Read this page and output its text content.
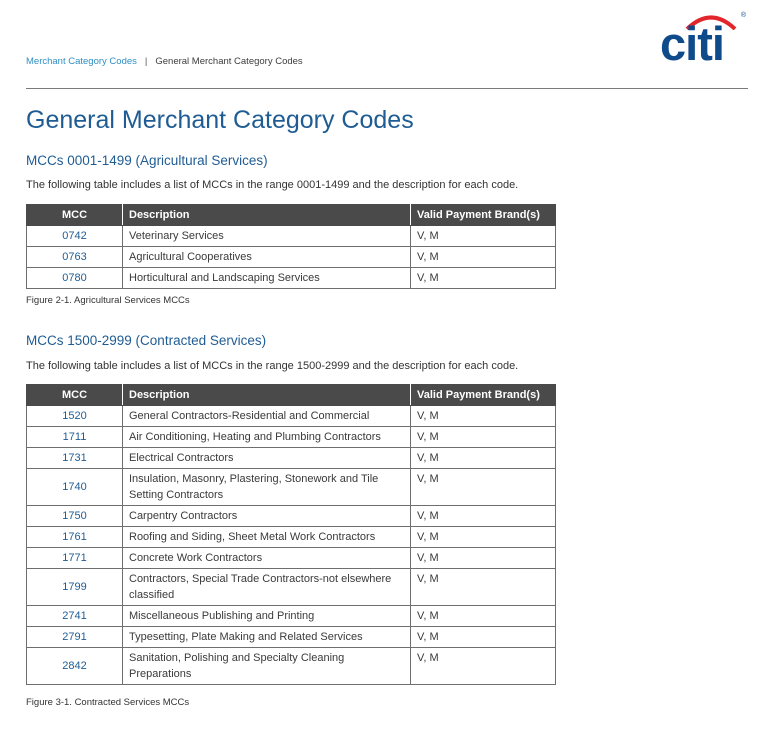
Merchant Category Codes | General Merchant Category Codes	citi
®
General Merchant Category Codes
MCCs 0001-1499 (Agricultural Services)
The following table includes a list of MCCs in the range 0001-1499 and the description for each code.
MCC	Description	Valid Payment Brand(s)
0742	Veterinary Services	V, M
0763	Agricultural Cooperatives	V, M
0780	Horticultural and Landscaping Services	V, M
Figure 2-1. Agricultural Services MCCs
MCCs 1500-2999 (Contracted Services)
The following table includes a list of MCCs in the range 1500-2999 and the description for each code.
MCC	Description	Valid Payment Brand(s)
1520	General Contractors-Residential and Commercial	V, M
1711	Air Conditioning, Heating and Plumbing Contractors	V, M
1731	Electrical Contractors	V, M
1740	Insulation, Masonry, Plastering, Stonework and Tile Setting Contractors	V, M
1750	Carpentry Contractors	V, M
1761	Roofing and Siding, Sheet Metal Work Contractors	V, M
1771	Concrete Work Contractors	V, M
1799	Contractors, Special Trade Contractors-not elsewhere classified	V, M
2741	Miscellaneous Publishing and Printing	V, M
2791	Typesetting, Plate Making and Related Services	V, M
2842	Sanitation, Polishing and Specialty Cleaning Preparations	V, M
Figure 3-1. Contracted Services MCCs
